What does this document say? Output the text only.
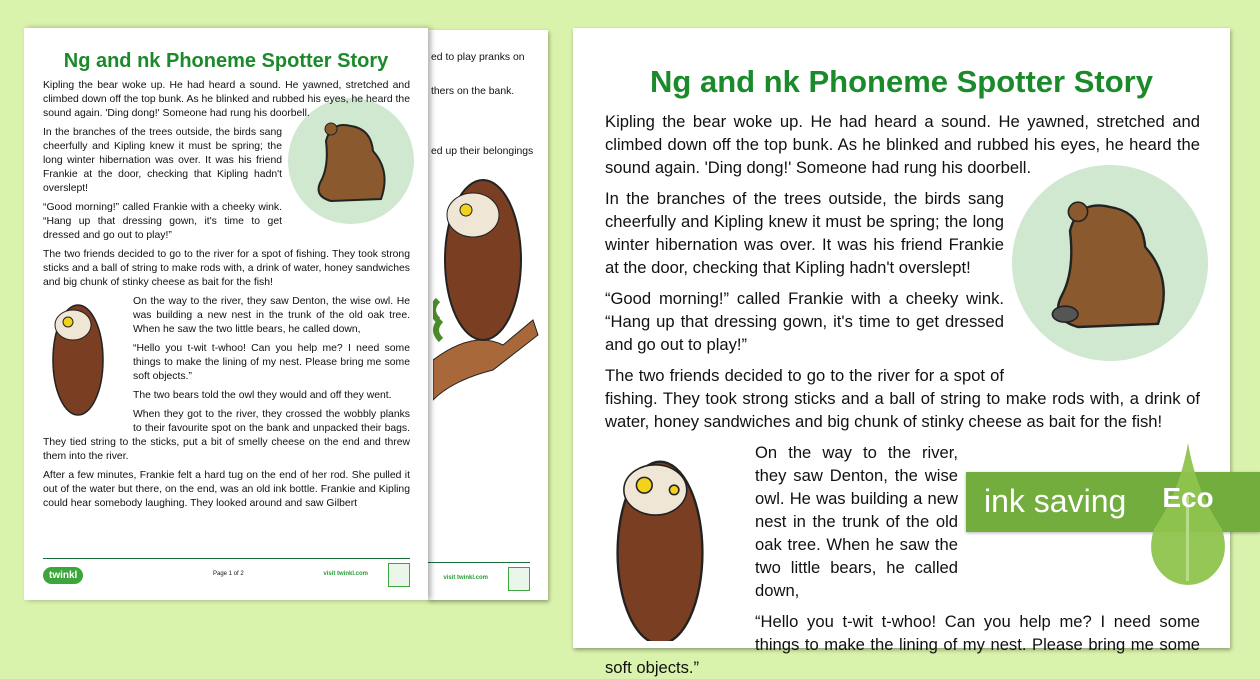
ed to play pranks on
thers on the bank.
ed up their belongings
visit twinkl.com
Ng and nk Phoneme Spotter Story

Kipling the bear woke up. He had heard a sound. He yawned, stretched and climbed down off the top bunk. As he blinked and rubbed his eyes, he heard the sound again. 'Ding dong!' Someone had rung his doorbell.

In the branches of the trees outside, the birds sang cheerfully and Kipling knew it must be spring; the long winter hibernation was over. It was his friend Frankie at the door, checking that Kipling hadn't overslept!

“Good morning!” called Frankie with a cheeky wink. “Hang up that dressing gown, it's time to get dressed and go out to play!”

The two friends decided to go to the river for a spot of fishing. They took strong sticks and a ball of string to make rods with, a drink of water, honey sandwiches and big chunk of stinky cheese as bait for the fish!

On the way to the river, they saw Denton, the wise owl. He was building a new nest in the trunk of the old oak tree. When he saw the two little bears, he called down,

“Hello you t-wit t-whoo! Can you help me? I need some things to make the lining of my nest. Please bring me some soft objects.”

The two bears told the owl they would and off they went.

When they got to the river, they crossed the wobbly planks to their favourite spot on the bank and unpacked their bags. They tied string to the sticks, put a bit of smelly cheese on the end and threw them into the river.

After a few minutes, Frankie felt a hard tug on the end of her rod. She pulled it out of the water but there, on the end, was an old ink bottle. Frankie and Kipling could hear somebody laughing. They looked around and saw Gilbert

twinkl	Page 1 of 2	visit twinkl.com
Ng and nk Phoneme Spotter Story

Kipling the bear woke up. He had heard a sound. He yawned, stretched and climbed down off the top bunk. As he blinked and rubbed his eyes, he heard the sound again. 'Ding dong!' Someone had rung his doorbell.

In the branches of the trees outside, the birds sang cheerfully and Kipling knew it must be spring; the long winter hibernation was over. It was his friend Frankie at the door, checking that Kipling hadn't overslept!

“Good morning!” called Frankie with a cheeky wink. “Hang up that dressing gown, it's time to get dressed and go out to play!”

The two friends decided to go to the river for a spot of fishing. They took strong sticks and a ball of string to make rods with, a drink of water, honey sandwiches and big chunk of stinky cheese as bait for the fish!

ink saving Eco

On the way to the river, they saw Denton, the wise owl. He was building a new nest in the trunk of the old oak tree. When he saw the two little bears, he called down,

“Hello you t-wit t-whoo! Can you help me? I need some things to make the lining of my nest. Please bring me some soft objects.”
